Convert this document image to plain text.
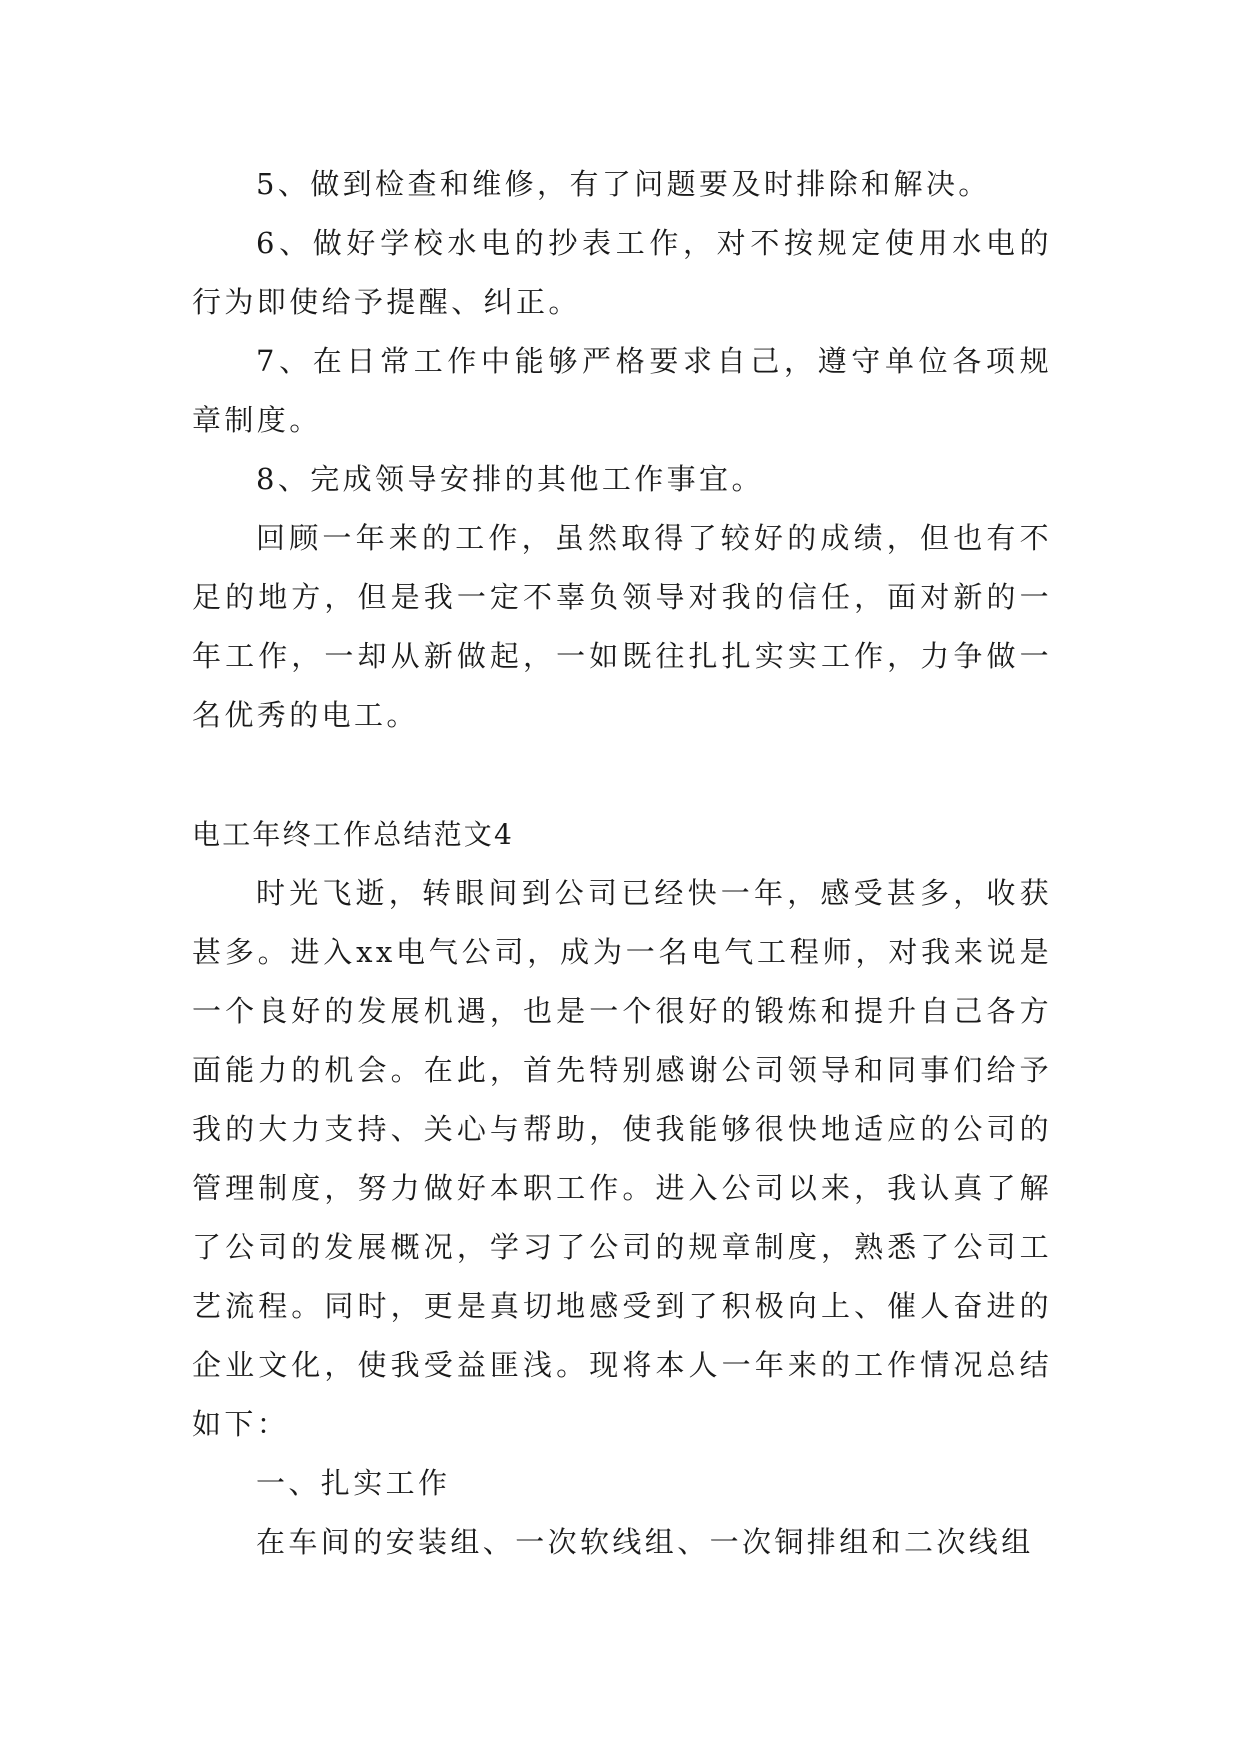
5、做到检查和维修，有了问题要及时排除和解决。

6、做好学校水电的抄表工作，对不按规定使用水电的行为即使给予提醒、纠正。

7、在日常工作中能够严格要求自己，遵守单位各项规章制度。

8、完成领导安排的其他工作事宜。

回顾一年来的工作，虽然取得了较好的成绩，但也有不足的地方，但是我一定不辜负领导对我的信任，面对新的一年工作，一却从新做起，一如既往扎扎实实工作，力争做一名优秀的电工。

电工年终工作总结范文4

时光飞逝，转眼间到公司已经快一年，感受甚多，收获甚多。进入xx电气公司，成为一名电气工程师，对我来说是一个良好的发展机遇，也是一个很好的锻炼和提升自己各方面能力的机会。在此，首先特别感谢公司领导和同事们给予我的大力支持、关心与帮助，使我能够很快地适应的公司的管理制度，努力做好本职工作。进入公司以来，我认真了解了公司的发展概况，学习了公司的规章制度，熟悉了公司工艺流程。同时，更是真切地感受到了积极向上、催人奋进的企业文化，使我受益匪浅。现将本人一年来的工作情况总结如下：

一、扎实工作

在车间的安装组、一次软线组、一次铜排组和二次线组
